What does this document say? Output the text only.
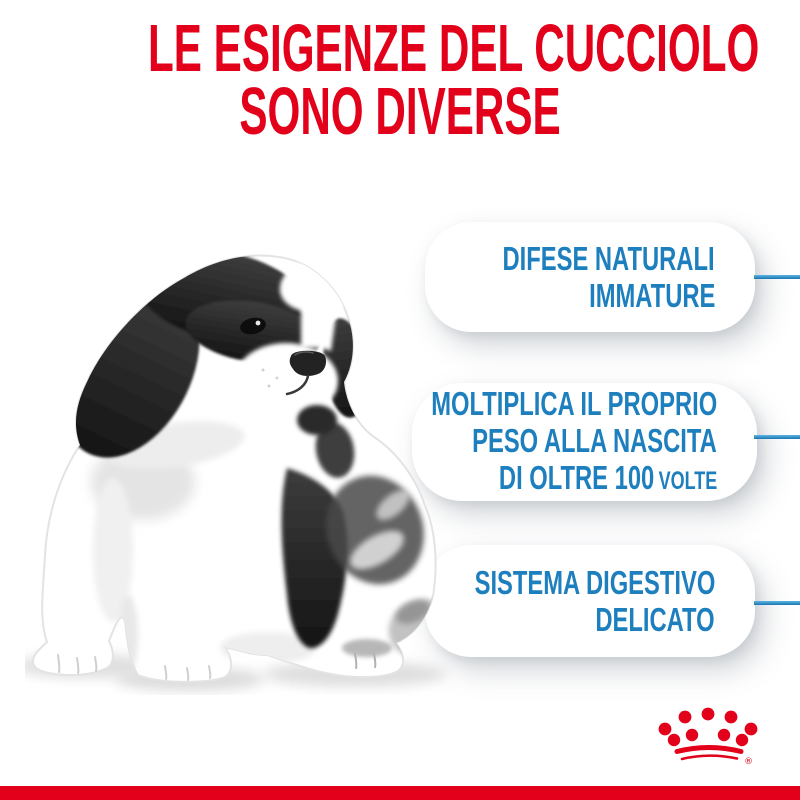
LE ESIGENZE DEL CUCCIOLO
SONO DIVERSE
DIFESE NATURALI
IMMATURE
MOLTIPLICA IL PROPRIO
PESO ALLA NASCITA
DI OLTRE 100 VOLTE
SISTEMA DIGESTIVO
DELICATO
®
